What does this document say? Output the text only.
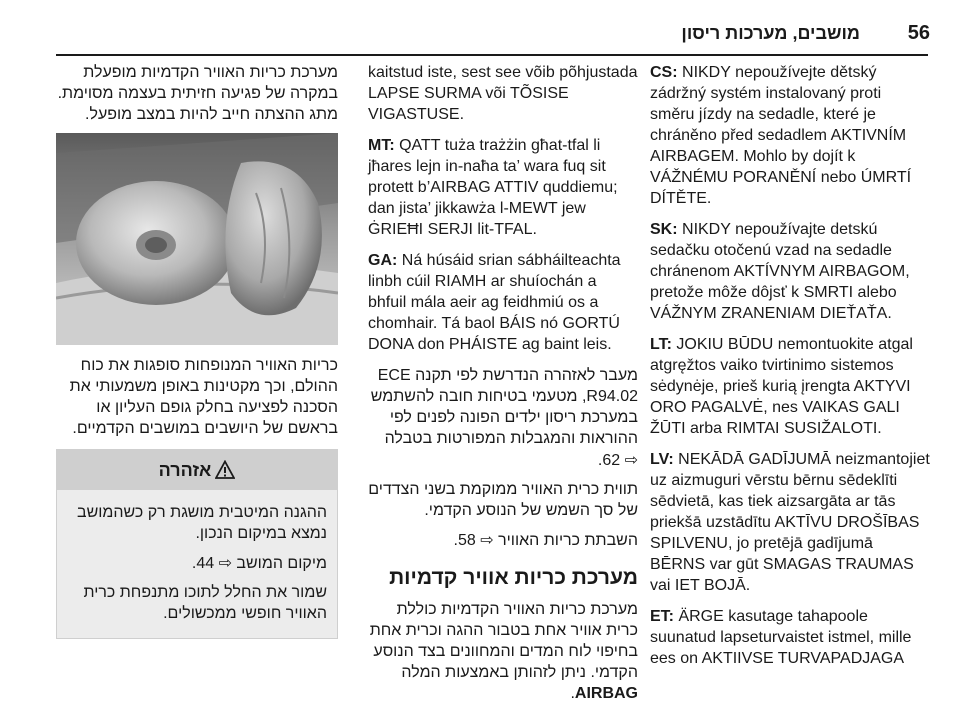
56
מושבים, מערכות ריסון

CS: NIKDY nepoužívejte dětský zádržný systém instalovaný proti směru jízdy na sedadle, které je chráněno před sedadlem AKTIVNÍM AIRBAGEM. Mohlo by dojít k VÁŽNÉMU PORANĚNÍ nebo ÚMRTÍ DÍTĚTE.

SK: NIKDY nepoužívajte detskú sedačku otočenú vzad na sedadle chránenom AKTÍVNYM AIRBAGOM, pretože môže dôjsť k SMRTI alebo VÁŽNYM ZRANENIAM DIEŤAŤA.

LT: JOKIU BŪDU nemontuokite atgal atgręžtos vaiko tvirtinimo sistemos sėdynėje, prieš kurią įrengta AKTYVI ORO PAGALVĖ, nes VAIKAS GALI ŽŪTI arba RIMTAI SUSIŽALOTI.

LV: NEKĀDĀ GADĪJUMĀ neizmantojiet uz aizmuguri vērstu bērnu sēdeklīti sēdvietā, kas tiek aizsargāta ar tās priekšā uzstādītu AKTĪVU DROŠĪBAS SPILVENU, jo pretējā gadījumā BĒRNS var gūt SMAGAS TRAUMAS vai IET BOJĀ.

ET: ÄRGE kasutage tahapoole suunatud lapseturvaistet istmel, mille ees on AKTIIVSE TURVAPADJAGA

kaitstud iste, sest see võib põhjustada LAPSE SURMA või TÕSISE VIGASTUSE.

MT: QATT tuża trażżin għat-tfal li jħares lejn in-naħa ta’ wara fuq sit protett b’AIRBAG ATTIV quddiemu; dan jista’ jikkawża l-MEWT jew ĠRIEĦI SERJI lit-TFAL.

GA: Ná húsáid srian sábháilteachta linbh cúil RIAMH ar shuíochán a bhfuil mála aeir ag feidhmiú os a chomhair. Tá baol BÁIS nó GORTÚ DONA don PHÁISTE ag baint leis.

מעבר לאזהרה הנדרשת לפי תקנה ECE R94.02, מטעמי בטיחות חובה להשתמש במערכת ריסון ילדים הפונה לפנים לפי ההוראות והמגבלות המפורטות בטבלה ⇨ 62.

תווית כרית האוויר ממוקמת בשני הצדדים של סך השמש של הנוסע הקדמי.

השבתת כריות האוויר ⇨ 58.

מערכת כריות אוויר קדמיות

מערכת כריות האוויר הקדמיות כוללת כרית אוויר אחת בטבור ההגה וכרית אחת בחיפוי לוח המדים והמחוונים בצד הנוסע הקדמי. ניתן לזהותן באמצעות המלה AIRBAG.

מערכת כריות האוויר הקדמיות מופעלת במקרה של פגיעה חזיתית בעצמה מסוימת. מתג ההצתה חייב להיות במצב מופעל.

כריות האוויר המנופחות סופגות את כוח ההולם, וכך מקטינות באופן משמעותי את הסכנה לפציעה בחלק גופם העליון או בראשם של היושבים במושבים הקדמיים.

אזהרה

ההגנה המיטבית מושגת רק כשהמושב נמצא במיקום הנכון.

מיקום המושב ⇨ 44.

שמור את החלל לתוכו מתנפחת כרית האוויר חופשי ממכשולים.
